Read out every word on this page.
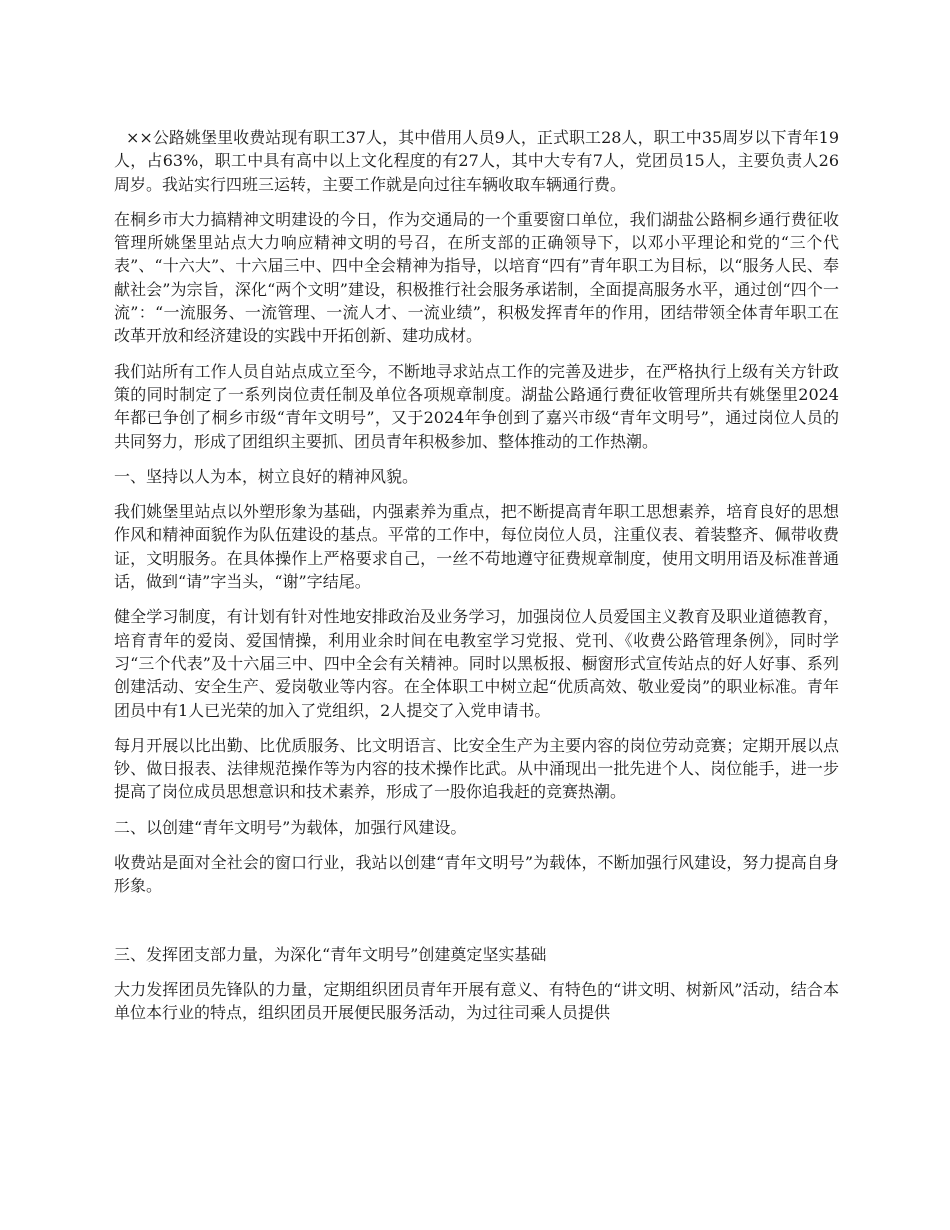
××公路姚堡里收费站现有职工37人，其中借用人员9人，正式职工28人，职工中35周岁以下青年19人，占63%，职工中具有高中以上文化程度的有27人，其中大专有7人，党团员15人，主要负责人26周岁。我站实行四班三运转，主要工作就是向过往车辆收取车辆通行费。

在桐乡市大力搞精神文明建设的今日，作为交通局的一个重要窗口单位，我们湖盐公路桐乡通行费征收管理所姚堡里站点大力响应精神文明的号召，在所支部的正确领导下，以邓小平理论和党的“三个代表”、“十六大”、十六届三中、四中全会精神为指导，以培育“四有”青年职工为目标，以“服务人民、奉献社会”为宗旨，深化“两个文明”建设，积极推行社会服务承诺制，全面提高服务水平，通过创“四个一流”：“一流服务、一流管理、一流人才、一流业绩”，积极发挥青年的作用，团结带领全体青年职工在改革开放和经济建设的实践中开拓创新、建功成材。

我们站所有工作人员自站点成立至今，不断地寻求站点工作的完善及进步，在严格执行上级有关方针政策的同时制定了一系列岗位责任制及单位各项规章制度。湖盐公路通行费征收管理所共有姚堡里2024年都已争创了桐乡市级“青年文明号”，又于2024年争创到了嘉兴市级“青年文明号”，通过岗位人员的共同努力，形成了团组织主要抓、团员青年积极参加、整体推动的工作热潮。

一、坚持以人为本，树立良好的精神风貌。

我们姚堡里站点以外塑形象为基础，内强素养为重点，把不断提高青年职工思想素养，培育良好的思想作风和精神面貌作为队伍建设的基点。平常的工作中，每位岗位人员，注重仪表、着装整齐、佩带收费证，文明服务。在具体操作上严格要求自己，一丝不苟地遵守征费规章制度，使用文明用语及标准普通话，做到“请”字当头，“谢”字结尾。

健全学习制度，有计划有针对性地安排政治及业务学习，加强岗位人员爱国主义教育及职业道德教育，培育青年的爱岗、爱国情操，利用业余时间在电教室学习党报、党刊、《收费公路管理条例》，同时学习“三个代表”及十六届三中、四中全会有关精神。同时以黑板报、橱窗形式宣传站点的好人好事、系列创建活动、安全生产、爱岗敬业等内容。在全体职工中树立起“优质高效、敬业爱岗”的职业标准。青年团员中有1人已光荣的加入了党组织，2人提交了入党申请书。

每月开展以比出勤、比优质服务、比文明语言、比安全生产为主要内容的岗位劳动竞赛；定期开展以点钞、做日报表、法律规范操作等为内容的技术操作比武。从中涌现出一批先进个人、岗位能手，进一步提高了岗位成员思想意识和技术素养，形成了一股你追我赶的竞赛热潮。

二、以创建“青年文明号”为载体，加强行风建设。

收费站是面对全社会的窗口行业，我站以创建“青年文明号”为载体，不断加强行风建设，努力提高自身形象。

三、发挥团支部力量，为深化“青年文明号”创建奠定坚实基础

大力发挥团员先锋队的力量，定期组织团员青年开展有意义、有特色的“讲文明、树新风”活动，结合本单位本行业的特点，组织团员开展便民服务活动，为过往司乘人员提供
